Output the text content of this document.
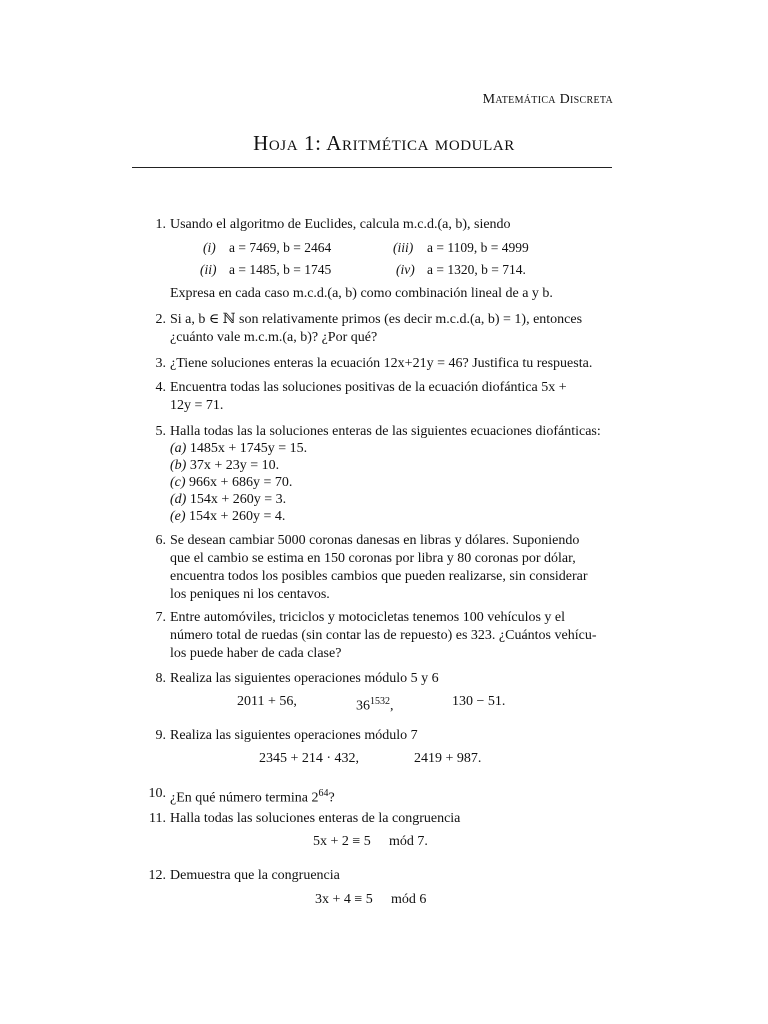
Matemática Discreta
Hoja 1: Aritmética modular
1. Usando el algoritmo de Euclides, calcula m.c.d.(a, b), siendo
(i) a = 7469, b = 2464	(iii) a = 1109, b = 4999
(ii) a = 1485, b = 1745	(iv) a = 1320, b = 714.
Expresa en cada caso m.c.d.(a, b) como combinación lineal de a y b.
2. Si a, b ∈ ℕ son relativamente primos (es decir m.c.d.(a, b) = 1), entonces
¿cuánto vale m.c.m.(a, b)? ¿Por qué?
3. ¿Tiene soluciones enteras la ecuación 12x+21y = 46? Justifica tu respuesta.
4. Encuentra todas las soluciones positivas de la ecuación diofántica 5x +
12y = 71.
5. Halla todas las la soluciones enteras de las siguientes ecuaciones diofánticas:
(a) 1485x + 1745y = 15.
(b) 37x + 23y = 10.
(c) 966x + 686y = 70.
(d) 154x + 260y = 3.
(e) 154x + 260y = 4.
6. Se desean cambiar 5000 coronas danesas en libras y dólares. Suponiendo
que el cambio se estima en 150 coronas por libra y 80 coronas por dólar,
encuentra todos los posibles cambios que pueden realizarse, sin considerar
los peniques ni los centavos.
7. Entre automóviles, triciclos y motocicletas tenemos 100 vehículos y el
número total de ruedas (sin contar las de repuesto) es 323. ¿Cuántos vehícu-
los puede haber de cada clase?
8. Realiza las siguientes operaciones módulo 5 y 6
2011 + 56,	$36^{1532}$,	130 − 51.
9. Realiza las siguientes operaciones módulo 7
2345 + 214 · 432,	2419 + 987.
10. ¿En qué número termina $2^{64}$?
11. Halla todas las soluciones enteras de la congruencia
5x + 2 ≡ 5 mód 7.
12. Demuestra que la congruencia
3x + 4 ≡ 5 mód 6
